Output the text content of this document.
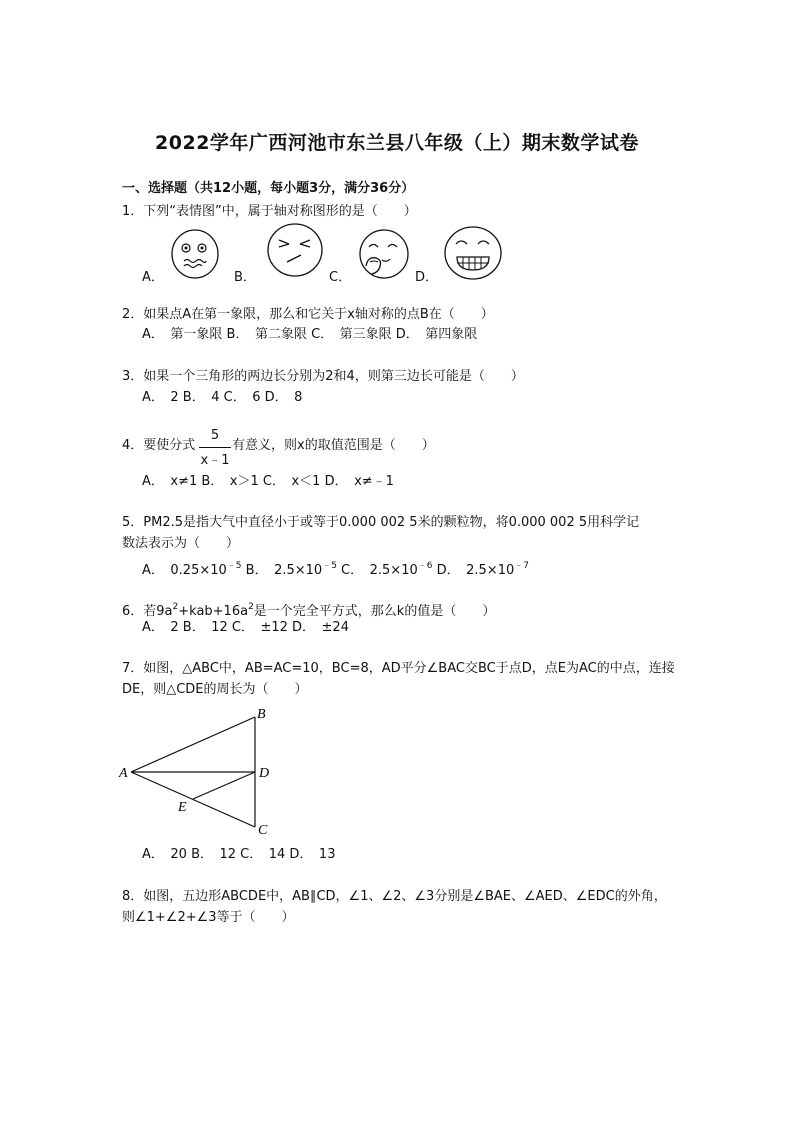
2022学年广西河池市东兰县八年级（上）期末数学试卷
一、选择题（共12小题，每小题3分，满分36分）
1．下列“表情图”中，属于轴对称图形的是（　　）
A．	B．	C．	D．
2．如果点A在第一象限，那么和它关于x轴对称的点B在（　　）
A．　第一象限 B．　第二象限 C．　第三象限 D．　第四象限
3．如果一个三角形的两边长分别为2和4，则第三边长可能是（　　）
A．　2 B．　4 C．　6 D．　8
4．要使分式
5
x﹣1
有意义，则x的取值范围是（　　）
A．　x≠1 B．　x＞1 C．　x＜1 D．　x≠﹣1
5．PM2.5是指大气中直径小于或等于0.000 002 5米的颗粒物，将0.000 002 5用科学记
数法表示为（　　）
A．　$0.25\times 10^{﹣5}$ B．　$2.5\times 10^{﹣5}$ C．　$2.5\times 10^{﹣6}$ D．　$2.5\times 10^{﹣7}$
6．若$9a^2+kab+16a^2$是一个完全平方式，那么k的值是（　　）
A．　2 B．　12 C．　±12 D．　±24
7．如图，△ABC中，AB=AC=10，BC=8，AD平分∠BAC交BC于点D，点E为AC的中点，连接
DE，则△CDE的周长为（　　）
A
B
C
D
E
A．　20 B．　12 C．　14 D．　13
8．如图，五边形ABCDE中，AB∥CD，∠1、∠2、∠3分别是∠BAE、∠AED、∠EDC的外角，
则∠1+∠2+∠3等于（　　）
